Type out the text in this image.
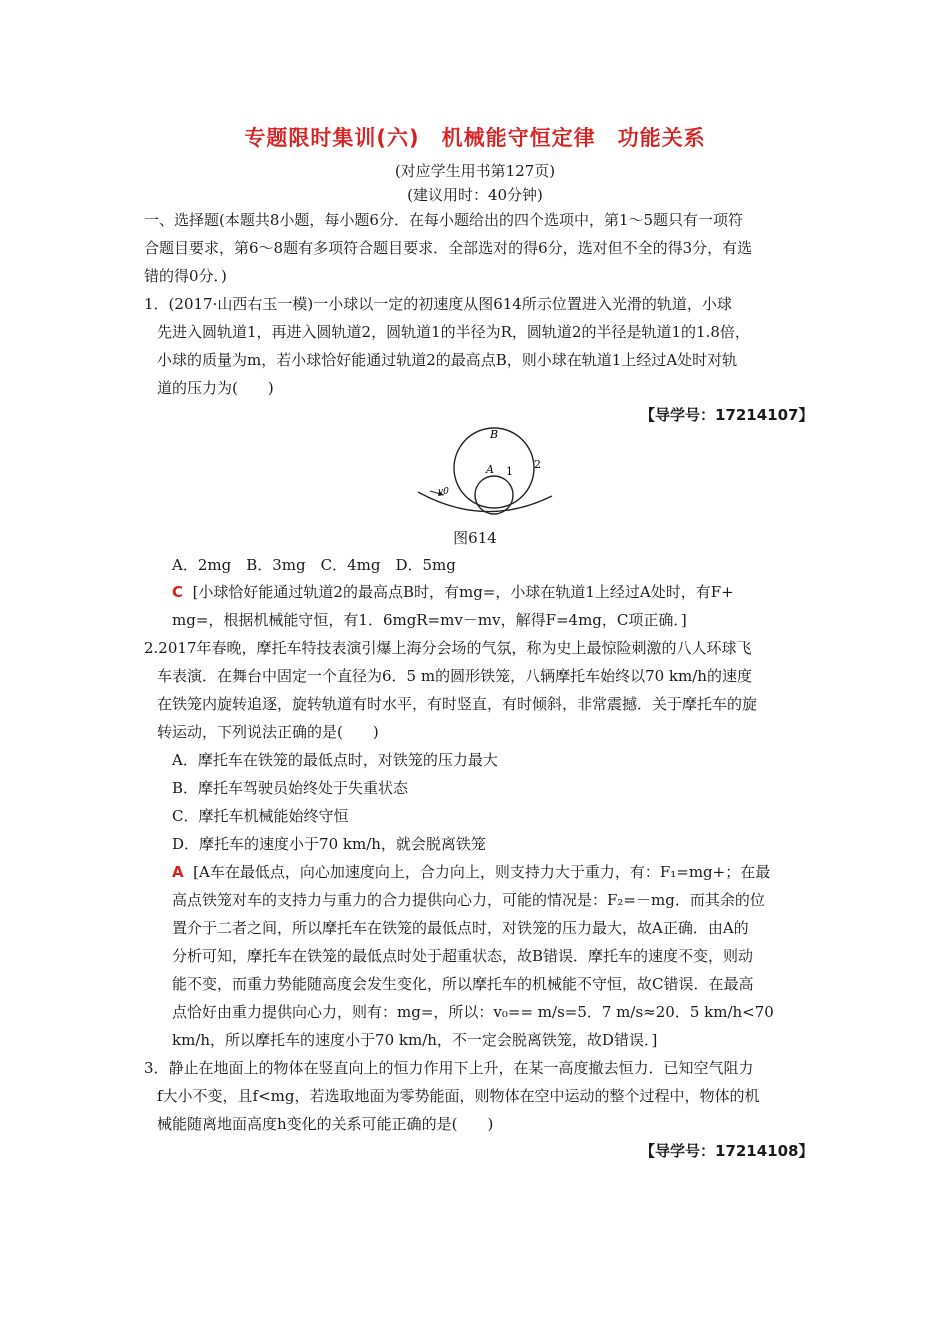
专题限时集训(六)　机械能守恒定律　功能关系
(对应学生用书第127页)
(建议用时：40分钟)
一、选择题(本题共8小题，每小题6分．在每小题给出的四个选项中，第1～5题只有一项符
合题目要求，第6～8题有多项符合题目要求．全部选对的得6分，选对但不全的得3分，有选
错的得0分．)
1．(2017·山西右玉一模)一小球以一定的初速度从图614所示位置进入光滑的轨道，小球
先进入圆轨道1，再进入圆轨道2，圆轨道1的半径为R，圆轨道2的半径是轨道1的1.8倍，
小球的质量为m，若小球恰好能通过轨道2的最高点B，则小球在轨道1上经过A处时对轨
道的压力为(　　)
【导学号：17214107】
B
A 1
2
v0
图614
A．2mg　B．3mg　C．4mg　D．5mg
C [小球恰好能通过轨道2的最高点B时，有mg=，小球在轨道1上经过A处时，有F+
mg=，根据机械能守恒，有1．6mgR=mv－mv，解得F=4mg，C项正确．]
2.2017年春晚，摩托车特技表演引爆上海分会场的气氛，称为史上最惊险刺激的八人环球飞
车表演．在舞台中固定一个直径为6．5 m的圆形铁笼，八辆摩托车始终以70 km/h的速度
在铁笼内旋转追逐，旋转轨道有时水平，有时竖直，有时倾斜，非常震撼．关于摩托车的旋
转运动，下列说法正确的是(　　)
A．摩托车在铁笼的最低点时，对铁笼的压力最大
B．摩托车驾驶员始终处于失重状态
C．摩托车机械能始终守恒
D．摩托车的速度小于70 km/h，就会脱离铁笼
A [A车在最低点，向心加速度向上，合力向上，则支持力大于重力，有：F₁=mg+；在最
高点铁笼对车的支持力与重力的合力提供向心力，可能的情况是：F₂=－mg．而其余的位
置介于二者之间，所以摩托车在铁笼的最低点时，对铁笼的压力最大，故A正确．由A的
分析可知，摩托车在铁笼的最低点时处于超重状态，故B错误．摩托车的速度不变，则动
能不变，而重力势能随高度会发生变化，所以摩托车的机械能不守恒，故C错误．在最高
点恰好由重力提供向心力，则有：mg=，所以：v₀== m/s=5．7 m/s≈20．5 km/h<70
km/h，所以摩托车的速度小于70 km/h，不一定会脱离铁笼，故D错误．]
3．静止在地面上的物体在竖直向上的恒力作用下上升，在某一高度撤去恒力．已知空气阻力
f大小不变，且f<mg，若选取地面为零势能面，则物体在空中运动的整个过程中，物体的机
械能随离地面高度h变化的关系可能正确的是(　　)
【导学号：17214108】
